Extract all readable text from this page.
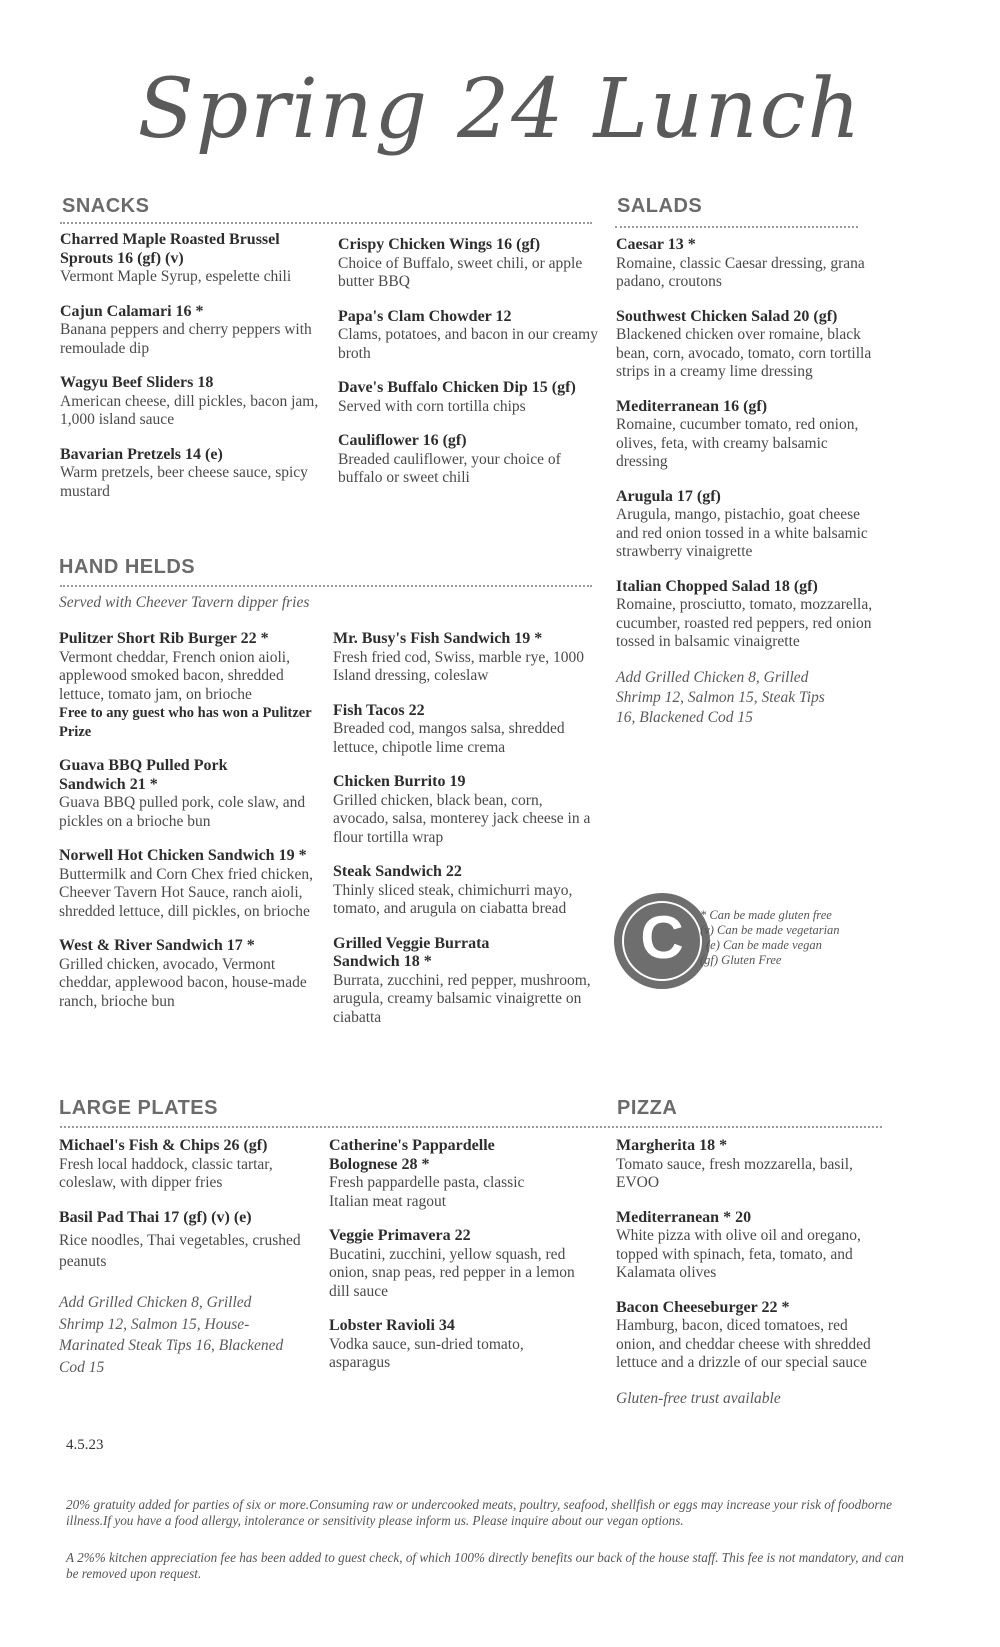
Spring 24 Lunch
SNACKS
Charred Maple Roasted Brussel Sprouts 16 (gf) (v)
Vermont Maple Syrup, espelette chili
Cajun Calamari 16 *
Banana peppers and cherry peppers with remoulade dip
Wagyu Beef Sliders 18
American cheese, dill pickles, bacon jam, 1,000 island sauce
Bavarian Pretzels 14 (e)
Warm pretzels, beer cheese sauce, spicy mustard
Crispy Chicken Wings 16 (gf)
Choice of Buffalo, sweet chili, or apple butter BBQ
Papa's Clam Chowder 12
Clams, potatoes, and bacon in our creamy broth
Dave's Buffalo Chicken Dip 15 (gf)
Served with corn tortilla chips
Cauliflower 16 (gf)
Breaded cauliflower, your choice of buffalo or sweet chili
SALADS
Caesar 13 *
Romaine, classic Caesar dressing, grana padano, croutons
Southwest Chicken Salad 20 (gf)
Blackened chicken over romaine, black bean, corn, avocado, tomato, corn tortilla strips in a creamy lime dressing
Mediterranean 16 (gf)
Romaine, cucumber tomato, red onion, olives, feta, with creamy balsamic dressing
Arugula 17 (gf)
Arugula, mango, pistachio, goat cheese and red onion tossed in a white balsamic strawberry vinaigrette
Italian Chopped Salad 18 (gf)
Romaine, prosciutto, tomato, mozzarella, cucumber, roasted red peppers, red onion tossed in balsamic vinaigrette
Add Grilled Chicken 8, Grilled Shrimp 12, Salmon 15, Steak Tips 16, Blackened Cod 15
HAND HELDS
Served with Cheever Tavern dipper fries
Pulitzer Short Rib Burger 22 *
Vermont cheddar, French onion aioli, applewood smoked bacon, shredded lettuce, tomato jam, on brioche
Free to any guest who has won a Pulitzer Prize
Guava BBQ Pulled Pork Sandwich 21 *
Guava BBQ pulled pork, cole slaw, and pickles on a brioche bun
Norwell Hot Chicken Sandwich 19 *
Buttermilk and Corn Chex fried chicken, Cheever Tavern Hot Sauce, ranch aioli, shredded lettuce, dill pickles, on brioche
West & River Sandwich 17 *
Grilled chicken, avocado, Vermont cheddar, applewood bacon, house-made ranch, brioche bun
Mr. Busy's Fish Sandwich 19 *
Fresh fried cod, Swiss, marble rye, 1000 Island dressing, coleslaw
Fish Tacos 22
Breaded cod, mangos salsa, shredded lettuce, chipotle lime crema
Chicken Burrito 19
Grilled chicken, black bean, corn, avocado, salsa, monterey jack cheese in a flour tortilla wrap
Steak Sandwich 22
Thinly sliced steak, chimichurri mayo, tomato, and arugula on ciabatta bread
Grilled Veggie Burrata Sandwich 18 *
Burrata, zucchini, red pepper, mushroom, arugula, creamy balsamic vinaigrette on ciabatta
C	* Can be made gluten free
(v) Can be made vegetarian
(e) Can be made vegan
(gf) Gluten Free
LARGE PLATES	PIZZA
Michael's Fish & Chips 26 (gf)
Fresh local haddock, classic tartar, coleslaw, with dipper fries
Basil Pad Thai 17 (gf) (v) (e)
Rice noodles, Thai vegetables, crushed peanuts
Add Grilled Chicken 8, Grilled Shrimp 12, Salmon 15, House-Marinated Steak Tips 16, Blackened Cod 15
Catherine's Pappardelle Bolognese 28 *
Fresh pappardelle pasta, classic Italian meat ragout
Veggie Primavera 22
Bucatini, zucchini, yellow squash, red onion, snap peas, red pepper in a lemon dill sauce
Lobster Ravioli 34
Vodka sauce, sun-dried tomato, asparagus
Margherita 18 *
Tomato sauce, fresh mozzarella, basil, EVOO
Mediterranean * 20
White pizza with olive oil and oregano, topped with spinach, feta, tomato, and Kalamata olives
Bacon Cheeseburger 22 *
Hamburg, bacon, diced tomatoes, red onion, and cheddar cheese with shredded lettuce and a drizzle of our special sauce
Gluten-free trust available
4.5.23
20% gratuity added for parties of six or more.Consuming raw or undercooked meats, poultry, seafood, shellfish or eggs may increase your risk of foodborne illness.If you have a food allergy, intolerance or sensitivity please inform us. Please inquire about our vegan options.
A 2%% kitchen appreciation fee has been added to guest check, of which 100% directly benefits our back of the house staff. This fee is not mandatory, and can be removed upon request.
